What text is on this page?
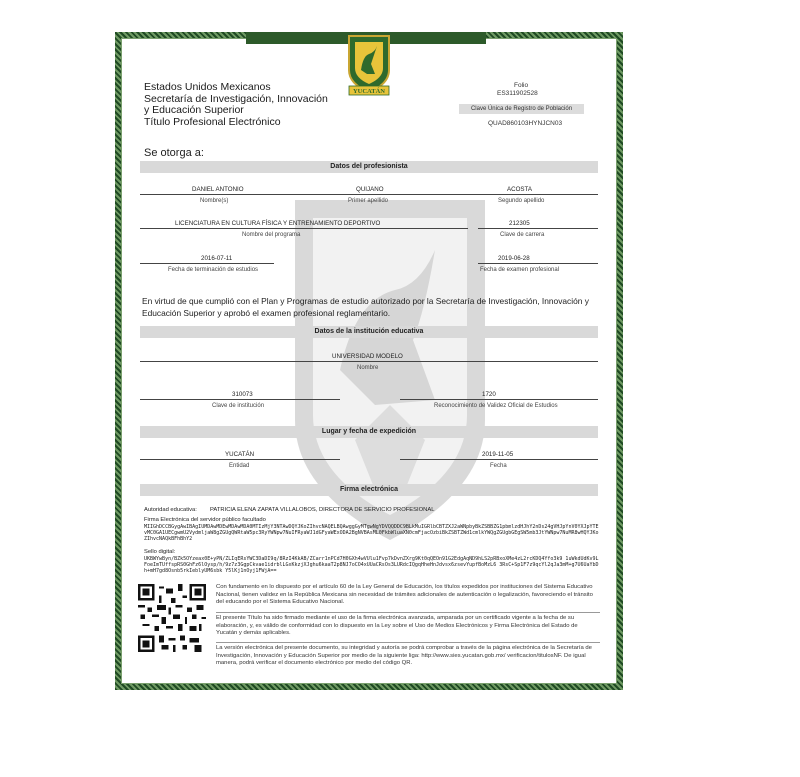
YUCATÁN
Estados Unidos Mexicanos
Secretaría de Investigación, Innovación
y Educación Superior
Título Profesional Electrónico
Folio
ES311902528
Clave Única de Registro de Población
QUAD860103HYNJCN03
Se otorga a:
Datos del profesionista
DANIEL ANTONIO	QUIJANO	ACOSTA
Nombre(s)	Primer apellido	Segundo apellido
LICENCIATURA EN CULTURA FÍSICA Y ENTRENAMIENTO DEPORTIVO	212305
Nombre del programa	Clave de carrera
2016-07-11	2019-06-28
Fecha de terminación de estudios	Fecha de examen profesional
En virtud de que cumplió con el Plan y Programas de estudio autorizado por la Secretaría de Investigación, Innovación y Educación Superior y aprobó el examen profesional reglamentario.
Datos de la institución educativa
UNIVERSIDAD MODELO
Nombre
310073	1720
Clave de institución	Reconocimiento de Validez Oficial de Estudios
Lugar y fecha de expedición
YUCATÁN	2019-11-05
Entidad	Fecha
Firma electrónica
Autoridad educativa: PATRICIA ELENA ZAPATA VILLALOBOS, DIRECTORA DE SERVICIO PROFESIONAL
Firma Electrónica del servidor público facultado
MIIGhDCCBGygAwIBAgIUMDAwMDEwMDAwMDA0MTIzMjY3NTAwDQYJKoZIhvcNAQELBQAwggGyMTgwNgYDVQQDDC9BLkMuIGRlbCBTZXJ2aWNpbyBkZSBBZG1pbmlzdHJhY2nDs24gVHJpYnV0YXJpYTEvMC0GA1UECgwmU2VydmljaW8gZGUgQWRtaW5pc3RyYWNpw7NuIFRyaWJ1dGFyaWExODA2BgNVBAsML0FkbWluaXN0cmFjacOzbiBkZSBTZWd1cmlkYWQgZGUgbGEgSW5mb3JtYWNpw7NuMR8wHQYJKoZIhvcNAQkBFhBhY2
Sello digital:
UKBWYwByn/BZk5OYzeax0E+yPN/ZLIqERsYWC3DaDI9q/8RzI4KkAB/ZCarr1nPCd7H0GXh4wVUlu1Fvp7kDvnZXrg9Kt0qQEOn91G2EdgAqND9hLS2pRBxoXMe4zL2rcKDQ4Yfo3k9 1uWkdUdKv9LFoeImTUffspRS0GhFz6lOysp/h/9z7z3GgpCkvae1idrblLGxKkzjXJghu6kaaT2p8NJ7oCO4xUUaCRsOs3LURdcIQgqHheHnJdvsx6zsevYupfBoMzL6 3RsC+Sp1F7z9qcYl2qJa3mM+g7U6UaYbDh+mH7gd8Osnb5rkIeblyUM6sbk Y5lKj1nOyj1FWjA==
Con fundamento en lo dispuesto por el artículo 60 de la Ley General de Educación, los títulos expedidos por instituciones del Sistema Educativo Nacional, tienen validez en la República Mexicana sin necesidad de trámites adicionales de autenticación o legalización, favoreciendo el tránsito del educando por el Sistema Educativo Nacional.
El presente Título ha sido firmado mediante el uso de la firma electrónica avanzada, amparada por un certificado vigente a la fecha de su elaboración, y, es válido de conformidad con lo dispuesto en la Ley sobre el Uso de Medios Electrónicos y Firma Electrónica del Estado de Yucatán y demás aplicables.
La versión electrónica del presente documento, su integridad y autoría se podrá comprobar a través de la página electrónica de la Secretaría de Investigación, Innovación y Educación Superior por medio de la siguiente liga: http://www.sies.yucatan.gob.mx/ verificacion/titulosNF. De igual manera, podrá verificar el documento electrónico por medio del código QR.
